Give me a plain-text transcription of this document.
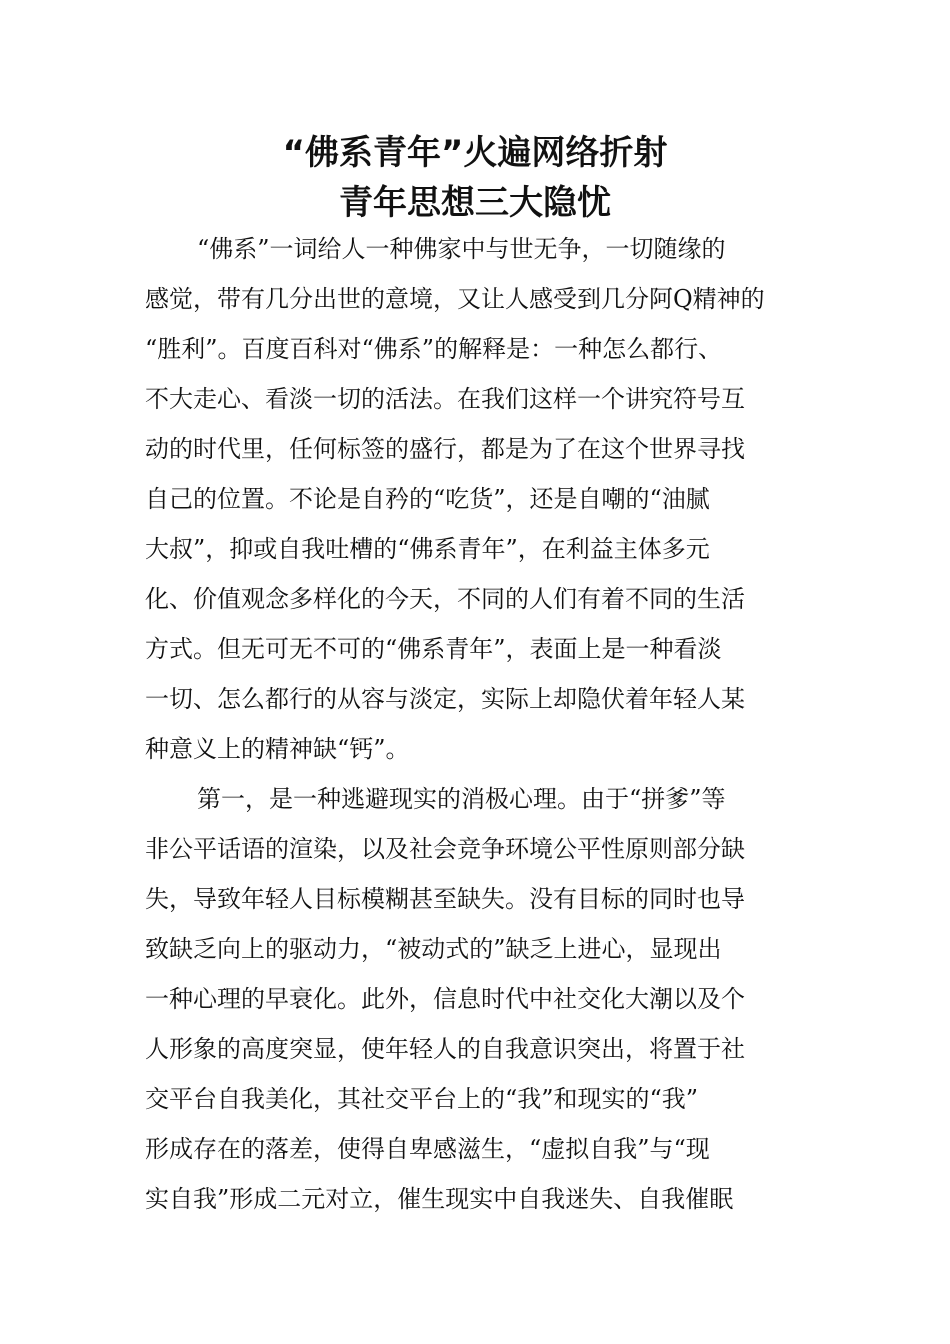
“佛系青年”火遍网络折射
青年思想三大隐忧
“佛系”一词给人一种佛家中与世无争，一切随缘的
感觉，带有几分出世的意境，又让人感受到几分阿Q精神的
“胜利”。百度百科对“佛系”的解释是：一种怎么都行、
不大走心、看淡一切的活法。在我们这样一个讲究符号互
动的时代里，任何标签的盛行，都是为了在这个世界寻找
自己的位置。不论是自矜的“吃货”，还是自嘲的“油腻
大叔”，抑或自我吐槽的“佛系青年”，在利益主体多元
化、价值观念多样化的今天，不同的人们有着不同的生活
方式。但无可无不可的“佛系青年”，表面上是一种看淡
一切、怎么都行的从容与淡定，实际上却隐伏着年轻人某
种意义上的精神缺“钙”。
第一，是一种逃避现实的消极心理。由于“拼爹”等
非公平话语的渲染，以及社会竞争环境公平性原则部分缺
失，导致年轻人目标模糊甚至缺失。没有目标的同时也导
致缺乏向上的驱动力，“被动式的”缺乏上进心，显现出
一种心理的早衰化。此外，信息时代中社交化大潮以及个
人形象的高度突显，使年轻人的自我意识突出，将置于社
交平台自我美化，其社交平台上的“我”和现实的“我”
形成存在的落差，使得自卑感滋生，“虚拟自我”与“现
实自我”形成二元对立，催生现实中自我迷失、自我催眠
